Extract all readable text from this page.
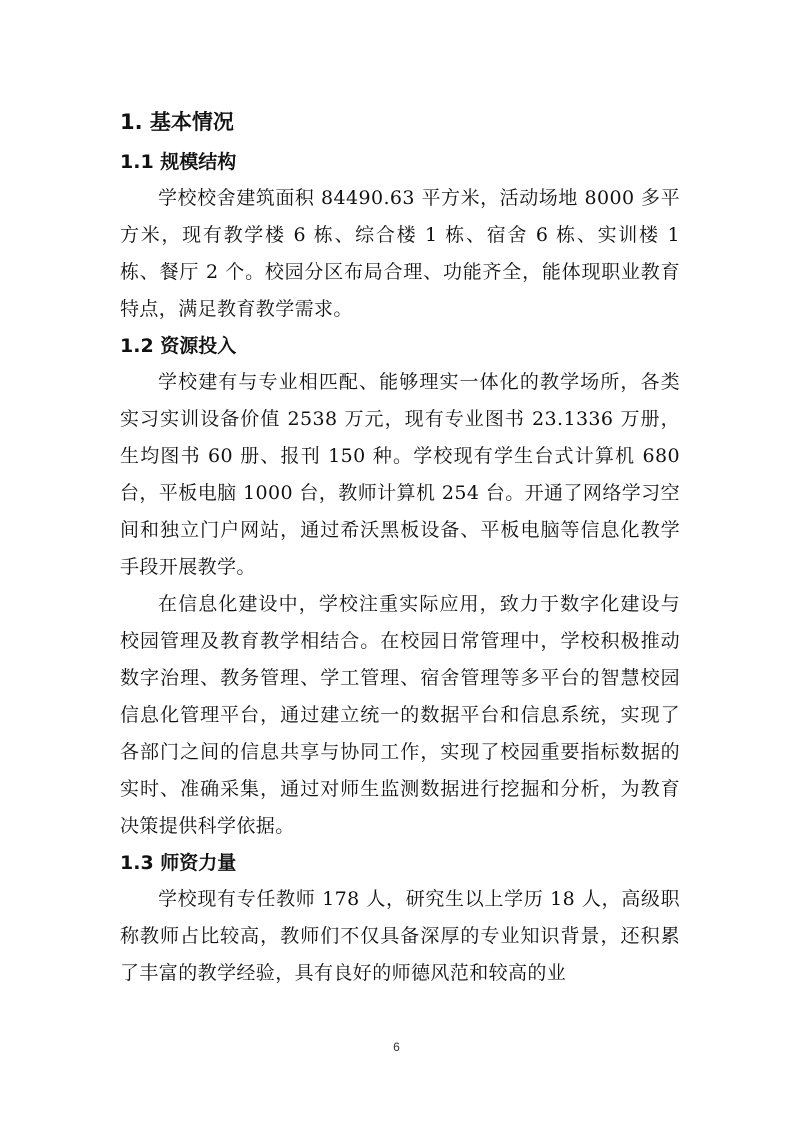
1. 基本情况
1.1 规模结构

学校校舍建筑面积 84490.63 平方米，活动场地 8000 多平方米，现有教学楼 6 栋、综合楼 1 栋、宿舍 6 栋、实训楼 1 栋、餐厅 2 个。校园分区布局合理、功能齐全，能体现职业教育特点，满足教育教学需求。

1.2 资源投入

学校建有与专业相匹配、能够理实一体化的教学场所，各类实习实训设备价值 2538 万元，现有专业图书 23.1336 万册，生均图书 60 册、报刊 150 种。学校现有学生台式计算机 680 台，平板电脑 1000 台，教师计算机 254 台。开通了网络学习空间和独立门户网站，通过希沃黑板设备、平板电脑等信息化教学手段开展教学。

在信息化建设中，学校注重实际应用，致力于数字化建设与校园管理及教育教学相结合。在校园日常管理中，学校积极推动数字治理、教务管理、学工管理、宿舍管理等多平台的智慧校园信息化管理平台，通过建立统一的数据平台和信息系统，实现了各部门之间的信息共享与协同工作，实现了校园重要指标数据的实时、准确采集，通过对师生监测数据进行挖掘和分析，为教育决策提供科学依据。

1.3 师资力量

学校现有专任教师 178 人，研究生以上学历 18 人，高级职称教师占比较高，教师们不仅具备深厚的专业知识背景，还积累了丰富的教学经验，具有良好的师德风范和较高的业

6
